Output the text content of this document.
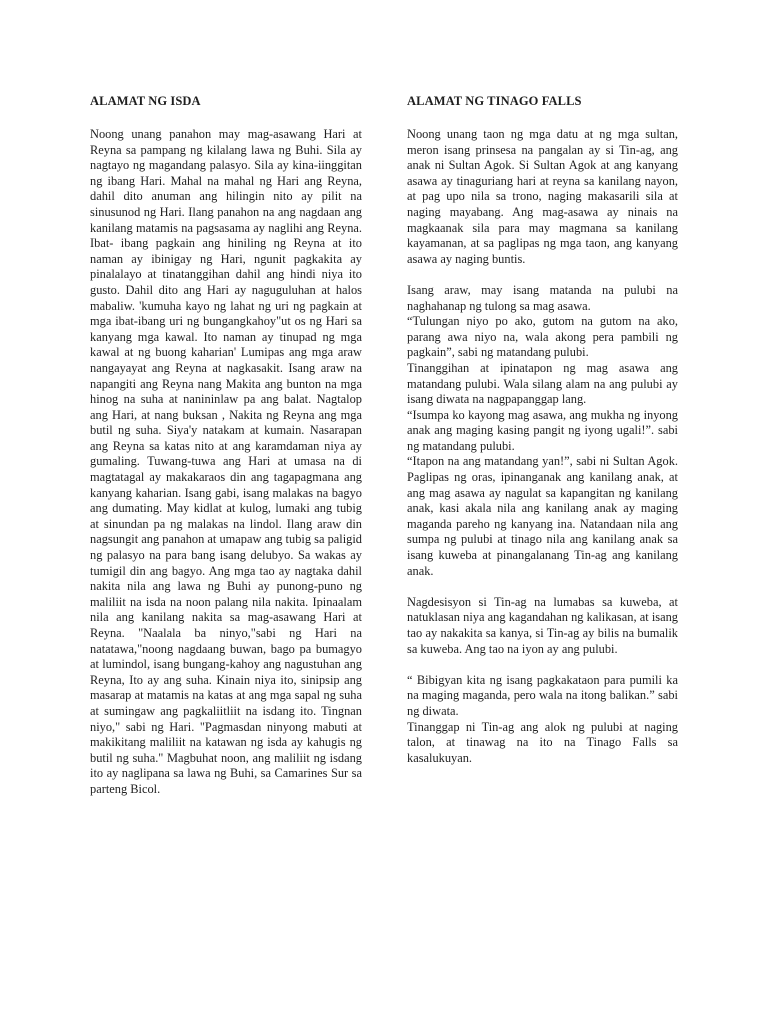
ALAMAT NG ISDA

Noong unang panahon may mag-asawang Hari at Reyna sa pampang ng kilalang lawa ng Buhi. Sila ay nagtayo ng magandang palasyo. Sila ay kina-iinggitan ng ibang Hari. Mahal na mahal ng Hari ang Reyna, dahil dito anuman ang hilingin nito ay pilit na sinusunod ng Hari. Ilang panahon na ang nagdaan ang kanilang matamis na pagsasama ay naglihi ang Reyna. Ibat- ibang pagkain ang hiniling ng Reyna at ito naman ay ibinigay ng Hari, ngunit pagkakita ay pinalalayo at tinatanggihan dahil ang hindi niya ito gusto. Dahil dito ang Hari ay naguguluhan at halos mabaliw. 'kumuha kayo ng lahat ng uri ng pagkain at mga ibat-ibang uri ng bungangkahoy"ut os ng Hari sa kanyang mga kawal. Ito naman ay tinupad ng mga kawal at ng buong kaharian' Lumipas ang mga araw nangayayat ang Reyna at nagkasakit. Isang araw na napangiti ang Reyna nang Makita ang bunton na mga hinog na suha at nanininlaw pa ang balat. Nagtalop ang Hari, at nang buksan , Nakita ng Reyna ang mga butil ng suha. Siya'y natakam at kumain. Nasarapan ang Reyna sa katas nito at ang karamdaman niya ay gumaling. Tuwang-tuwa ang Hari at umasa na di magtatagal ay makakaraos din ang tagapagmana ang kanyang kaharian. Isang gabi, isang malakas na bagyo ang dumating. May kidlat at kulog, lumaki ang tubig at sinundan pa ng malakas na lindol. Ilang araw din nagsungit ang panahon at umapaw ang tubig sa paligid ng palasyo na para bang isang delubyo. Sa wakas ay tumigil din ang bagyo. Ang mga tao ay nagtaka dahil nakita nila ang lawa ng Buhi ay punong-puno ng maliliit na isda na noon palang nila nakita. Ipinaalam nila ang kanilang nakita sa mag-asawang Hari at Reyna. "Naalala ba ninyo,"sabi ng Hari na natatawa,"noong nagdaang buwan, bago pa bumagyo at lumindol, isang bungang-kahoy ang nagustuhan ang Reyna, Ito ay ang suha. Kinain niya ito, sinipsip ang masarap at matamis na katas at ang mga sapal ng suha at sumingaw ang pagkaliitliit na isdang ito. Tingnan niyo," sabi ng Hari. "Pagmasdan ninyong mabuti at makikitang maliliit na katawan ng isda ay kahugis ng butil ng suha." Magbuhat noon, ang maliliit ng isdang ito ay naglipana sa lawa ng Buhi, sa Camarines Sur sa parteng Bicol.

ALAMAT NG TINAGO FALLS

Noong unang taon ng mga datu at ng mga sultan, meron isang prinsesa na pangalan ay si Tin-ag, ang anak ni Sultan Agok. Si Sultan Agok at ang kanyang asawa ay tinaguriang hari at reyna sa kanilang nayon, at pag upo nila sa trono, naging makasarili sila at naging mayabang. Ang mag-asawa ay ninais na magkaanak sila para may magmana sa kanilang kayamanan, at sa paglipas ng mga taon, ang kanyang asawa ay naging buntis.

Isang araw, may isang matanda na pulubi na naghahanap ng tulong sa mag asawa.

“Tulungan niyo po ako, gutom na gutom na ako, parang awa niyo na, wala akong pera pambili ng pagkain”, sabi ng matandang pulubi.

Tinanggihan at ipinatapon ng mag asawa ang matandang pulubi. Wala silang alam na ang pulubi ay isang diwata na nagpapanggap lang.

“Isumpa ko kayong mag asawa, ang mukha ng inyong anak ang maging kasing pangit ng iyong ugali!”. sabi ng matandang pulubi.

“Itapon na ang matandang yan!”, sabi ni Sultan Agok. Paglipas ng oras, ipinanganak ang kanilang anak, at ang mag asawa ay nagulat sa kapangitan ng kanilang anak, kasi akala nila ang kanilang anak ay maging maganda pareho ng kanyang ina. Natandaan nila ang sumpa ng pulubi at tinago nila ang kanilang anak sa isang kuweba at pinangalanang Tin-ag ang kanilang anak.

Nagdesisyon si Tin-ag na lumabas sa kuweba, at natuklasan niya ang kagandahan ng kalikasan, at isang tao ay nakakita sa kanya, si Tin-ag ay bilis na bumalik sa kuweba. Ang tao na iyon ay ang pulubi.

“ Bibigyan kita ng isang pagkakataon para pumili ka na maging maganda, pero wala na itong balikan.” sabi ng diwata.

Tinanggap ni Tin-ag ang alok ng pulubi at naging talon, at tinawag na ito na Tinago Falls sa kasalukuyan.
